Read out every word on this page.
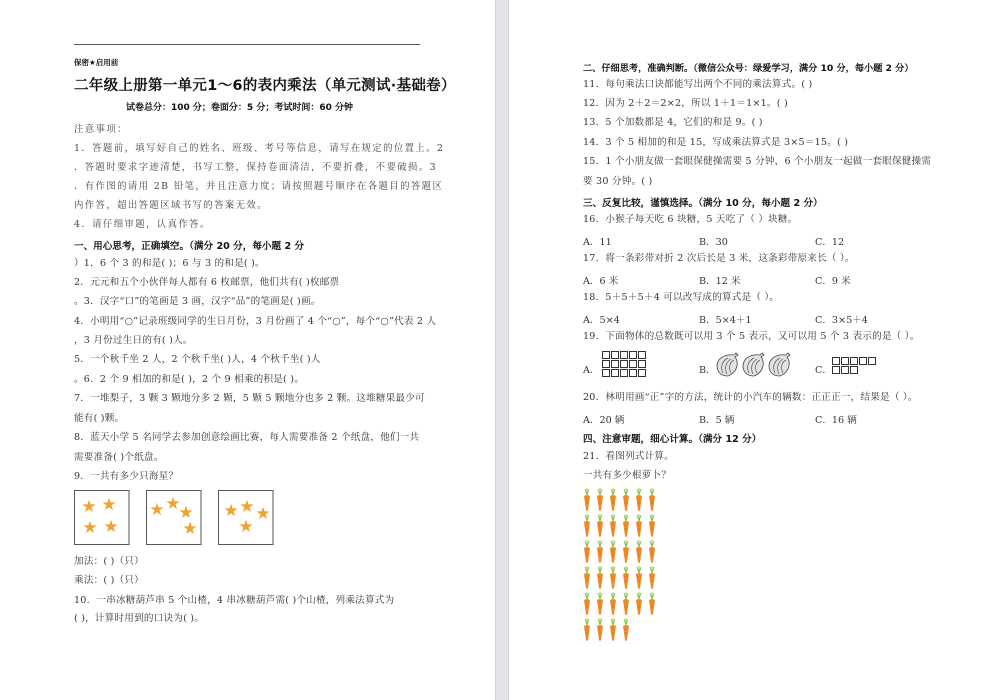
保密★启用前
二年级上册第一单元1～6的表内乘法（单元测试·基础卷）
试卷总分：100 分；卷面分：5 分；考试时间：60 分钟
注意事项：
1．答题前，填写好自己的姓名、班级、考号等信息，请写在规定的位置上。2
．答题时要求字迹清楚，书写工整，保持卷面清洁，不要折叠，不要破损。3
．有作图的请用 2B 铅笔，并且注意力度；请按照题号顺序在各题目的答题区
内作答，超出答题区域书写的答案无效。
4．请仔细审题，认真作答。
一、用心思考，正确填空。（满分 20 分，每小题 2 分
）1．6 个 3 的和是( )；6 与 3 的和是( )。
2．元元和五个小伙伴每人都有 6 枚邮票，他们共有( )枚邮票
。3．汉字“口”的笔画是 3 画，汉字“品”的笔画是( )画。
4．小明用“○”记录班级同学的生日月份，3 月份画了 4 个“○”，每个“○”代表 2 人
，3 月份过生日的有( )人。
5．一个秋千坐 2 人，2 个秋千坐( )人，4 个秋千坐( )人
。6．2 个 9 相加的和是( )，2 个 9 相乘的积是( )。
7．一堆梨子，3 颗 3 颗地分多 2 颗，5 颗 5 颗地分也多 2 颗。这堆糖果最少可
能有( )颗。
8．蓝天小学 5 名同学去参加创意绘画比赛，每人需要准备 2 个纸盘，他们一共
需要准备( )个纸盘。
9．一共有多少只海星？
★ ★
★ ★
★ ★
★
★
★ ★ ★
★
加法：( )（只）
乘法：( )（只）
10．一串冰糖葫芦串 5 个山楂，4 串冰糖葫芦需( )个山楂，列乘法算式为
( )，计算时用到的口诀为( )。
二、仔细思考，准确判断。（微信公众号：绿爱学习，满分 10 分，每小题 2 分）
11．每句乘法口诀都能写出两个不同的乘法算式。( )
12．因为 2＋2＝2×2，所以 1＋1＝1×1。( )
13．5 个加数都是 4，它们的和是 9。( )
14．3 个 5 相加的和是 15，写成乘法算式是 3×5＝15。( )
15．1 个小朋友做一套眼保健操需要 5 分钟，6 个小朋友一起做一套眼保健操需
要 30 分钟。( )
三、反复比较，谨慎选择。（满分 10 分，每小题 2 分）
16．小猴子每天吃 6 块糖，5 天吃了（ ）块糖。
A．11	B．30	C．12
17．将一条彩带对折 2 次后长是 3 米，这条彩带原来长（ ）。
A．6 米	B．12 米	C．9 米
18．5＋5＋5＋4 可以改写成的算式是（ ）。
A．5×4	B．5×4＋1	C．3×5＋4
19．下面物体的总数既可以用 3 个 5 表示，又可以用 5 个 3 表示的是（ ）。
A．	B．	C．
20．林明用画“正”字的方法，统计的小汽车的辆数：正正正一，结果是（ ）。
A．20 辆	B．5 辆	C．16 辆
四、注意审题，细心计算。（满分 12 分）
21．看图列式计算。
一共有多少根萝卜？
